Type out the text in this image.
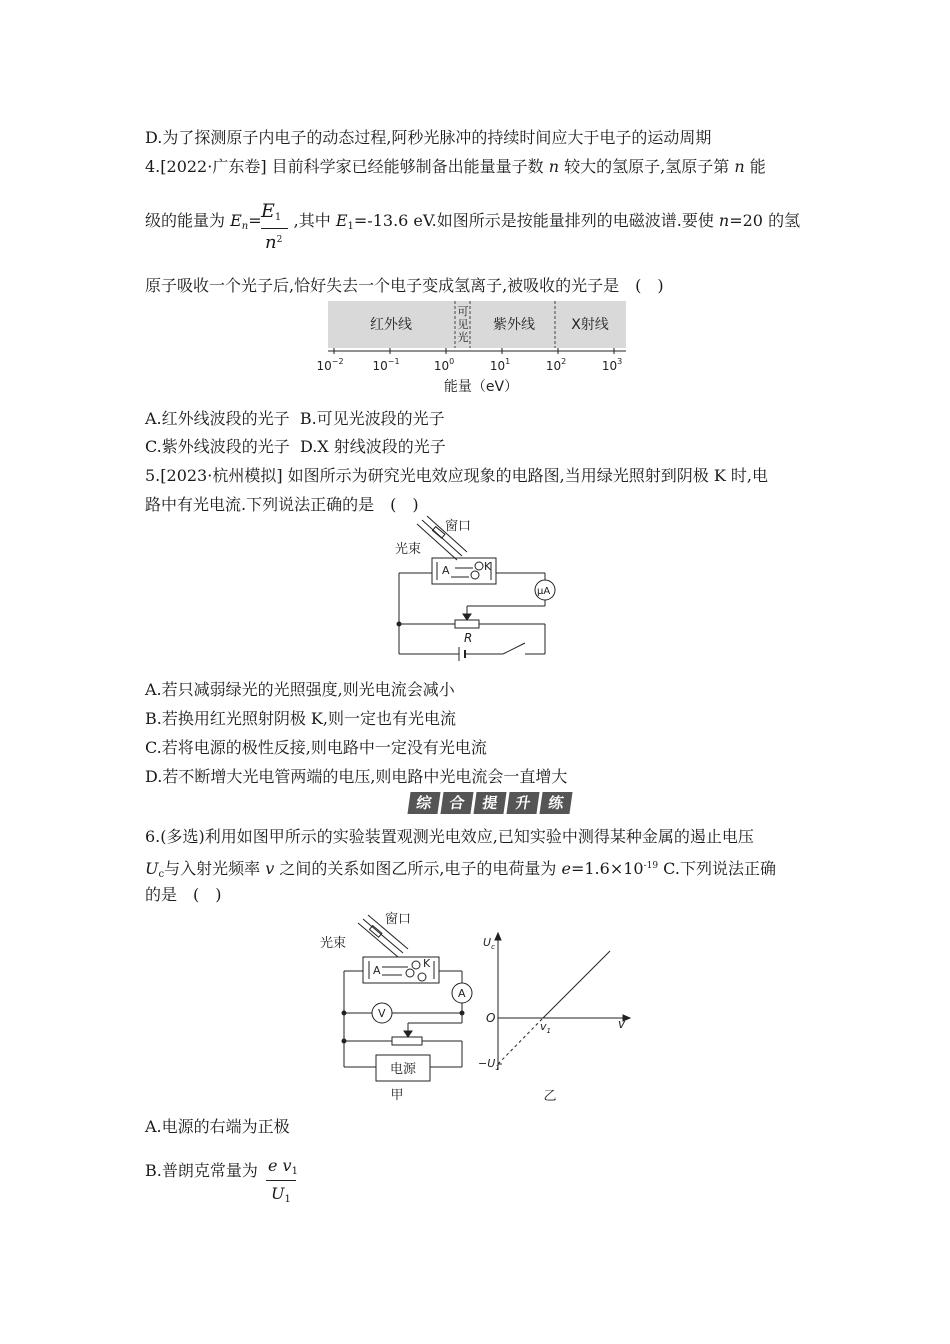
D.为了探测原子内电子的动态过程,阿秒光脉冲的持续时间应大于电子的运动周期
4.[2022·广东卷] 目前科学家已经能够制备出能量量子数 n 较大的氢原子,氢原子第 n 能
级的能量为 $E_n=$ ,其中 $E_1=-13.6$ eV.如图所示是按能量排列的电磁波谱.要使 n=20 的氢
$E_1$
$n^2$
原子吸收一个光子后,恰好失去一个电子变成氢离子,被吸收的光子是　(　)
红外线
可
见
光
紫外线	X射线
$10^{-2}$ $10^{-1}$	$10^0$	$10^1$	$10^2$	$10^3$
能量（eV）
A.红外线波段的光子 B.可见光波段的光子
C.紫外线波段的光子 D.X 射线波段的光子
5.[2023·杭州模拟] 如图所示为研究光电效应现象的电路图,当用绿光照射到阴极 K 时,电
路中有光电流.下列说法正确的是　(　)
窗口
光束
A	K
μA
R
A.若只减弱绿光的光照强度,则光电流会减小
B.若换用红光照射阴极 K,则一定也有光电流
C.若将电源的极性反接,则电路中一定没有光电流
D.若不断增大光电管两端的电压,则电路中光电流会一直增大
综	合	提	升	练
6.(多选)利用如图甲所示的实验装置观测光电效应,已知实验中测得某种金属的遏止电压
$U_c$与入射光频率 v 之间的关系如图乙所示,电子的电荷量为 $e=1.6\times 10^{-19}$ C.下列说法正确
的是　(　)
窗口
光束
A
K
A
V
电源
甲
$U_c$
O	v
$v_1$
$-U_1$
乙
A.电源的右端为正极
B.普朗克常量为 e $v_1$
$U_1$
